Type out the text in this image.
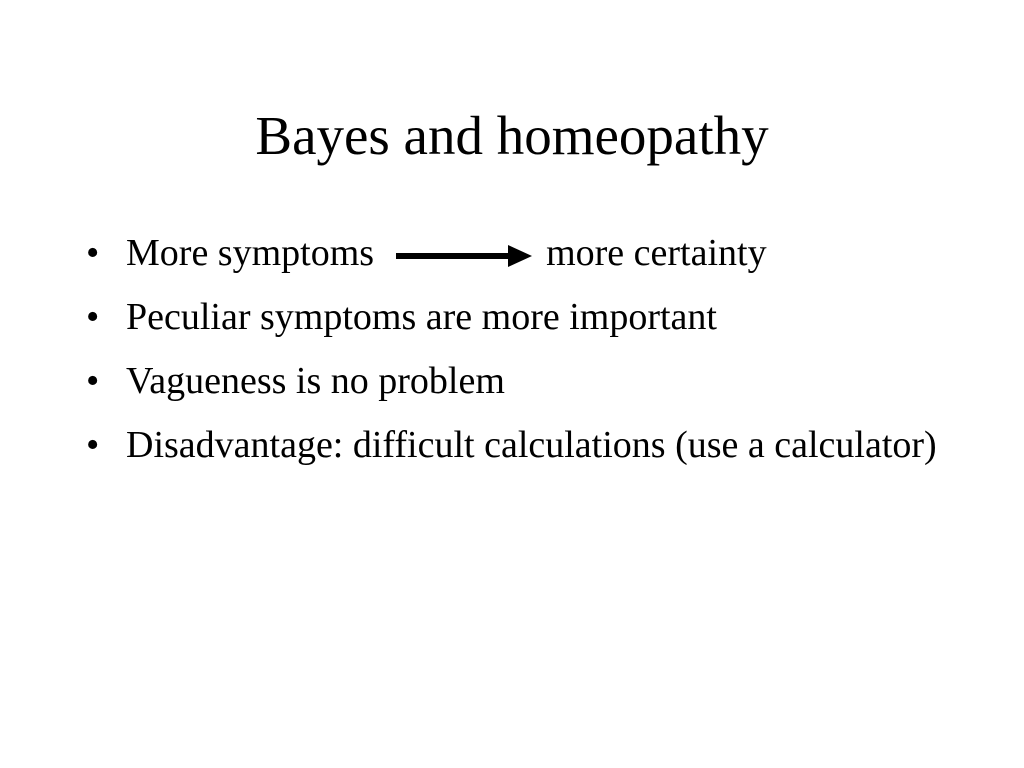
Bayes and homeopathy
• More symptoms	more certainty
• Peculiar symptoms are more important
• Vagueness is no problem
• Disadvantage: difficult calculations (use a calculator)
